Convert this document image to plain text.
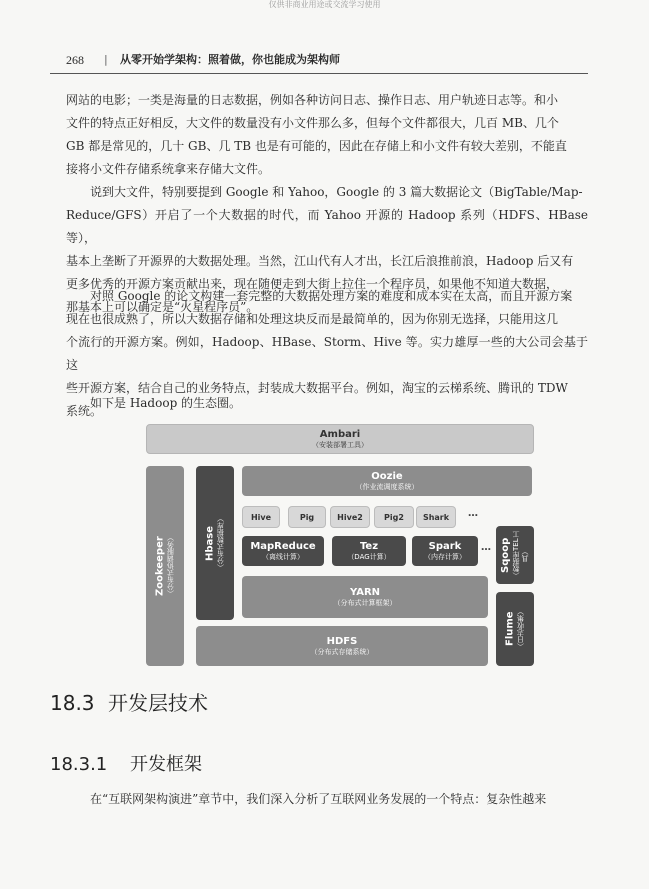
仅供非商业用途或交流学习使用
268 | 从零开始学架构：照着做，你也能成为架构师

网站的电影；一类是海量的日志数据，例如各种访问日志、操作日志、用户轨迹日志等。和小
文件的特点正好相反，大文件的数量没有小文件那么多，但每个文件都很大，几百 MB、几个
GB 都是常见的，几十 GB、几 TB 也是有可能的，因此在存储上和小文件有较大差别，不能直
接将小文件存储系统拿来存储大文件。

说到大文件，特别要提到 Google 和 Yahoo，Google 的 3 篇大数据论文（BigTable/Map-
Reduce/GFS）开启了一个大数据的时代，而 Yahoo 开源的 Hadoop 系列（HDFS、HBase 等），
基本上垄断了开源界的大数据处理。当然，江山代有人才出，长江后浪推前浪，Hadoop 后又有
更多优秀的开源方案贡献出来，现在随便走到大街上拉住一个程序员，如果他不知道大数据，
那基本上可以确定是“火星程序员”。

对照 Google 的论文构建一套完整的大数据处理方案的难度和成本实在太高，而且开源方案
现在也很成熟了，所以大数据存储和处理这块反而是最简单的，因为你别无选择，只能用这几
个流行的开源方案。例如，Hadoop、HBase、Storm、Hive 等。实力雄厚一些的大公司会基于这
些开源方案，结合自己的业务特点，封装成大数据平台。例如，淘宝的云梯系统、腾讯的 TDW
系统。

如下是 Hadoop 的生态圈。

Ambari
（安装部署工具）
Zookeeper （分布式协调服务）	Hbase （分布式数据库）
Oozie
（作业流调度系统）
Hive	Pig	Hive2	Pig2	Shark	…
MapReduce
（离线计算）
Tez
（DAG计算）
Spark
（内存计算）
… Sqoop （数据库TEL工具）
YARN
（分布式计算框架）
Flume （日志收集）
HDFS
（分布式存储系统）
18.3 开发层技术
18.3.1 开发框架

在“互联网架构演进”章节中，我们深入分析了互联网业务发展的一个特点：复杂性越来
